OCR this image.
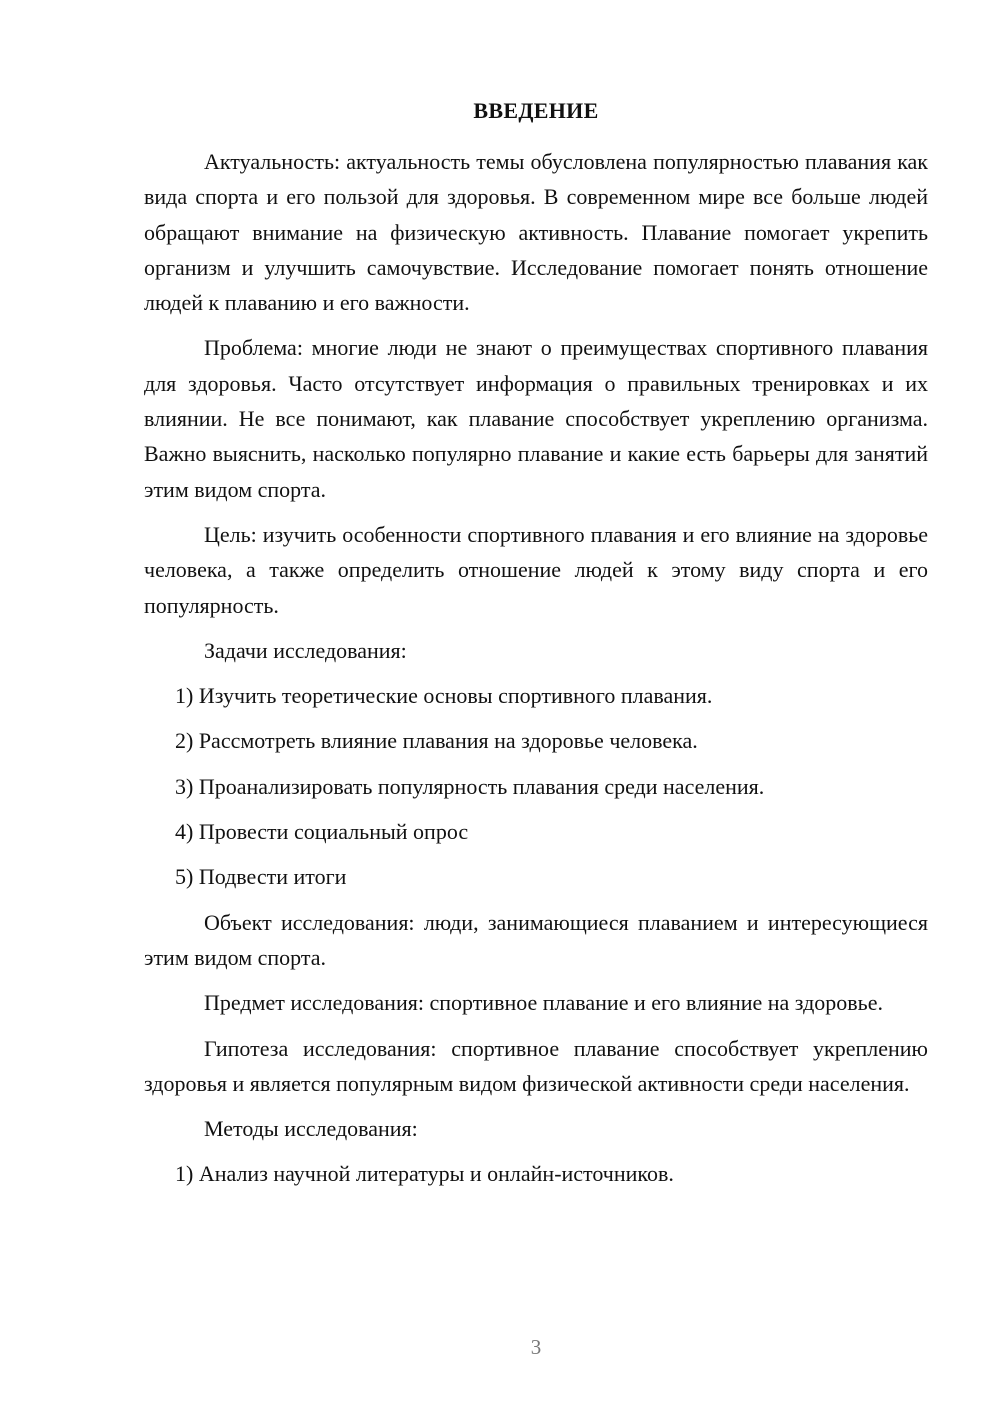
ВВЕДЕНИЕ

Актуальность: актуальность темы обусловлена популярностью плавания как вида спорта и его пользой для здоровья. В современном мире все больше людей обращают внимание на физическую активность. Плавание помогает укрепить организм и улучшить самочувствие. Исследование помогает понять отношение людей к плаванию и его важности.

Проблема: многие люди не знают о преимуществах спортивного плавания для здоровья. Часто отсутствует информация о правильных тренировках и их влиянии. Не все понимают, как плавание способствует укреплению организма. Важно выяснить, насколько популярно плавание и какие есть барьеры для занятий этим видом спорта.

Цель: изучить особенности спортивного плавания и его влияние на здоровье человека, а также определить отношение людей к этому виду спорта и его популярность.

Задачи исследования:

1) Изучить теоретические основы спортивного плавания.

2) Рассмотреть влияние плавания на здоровье человека.

3) Проанализировать популярность плавания среди населения.

4) Провести социальный опрос

5) Подвести итоги

Объект исследования: люди, занимающиеся плаванием и интересующиеся этим видом спорта.

Предмет исследования: спортивное плавание и его влияние на здоровье.

Гипотеза исследования: спортивное плавание способствует укреплению здоровья и является популярным видом физической активности среди населения.

Методы исследования:

1) Анализ научной литературы и онлайн-источников.

3
